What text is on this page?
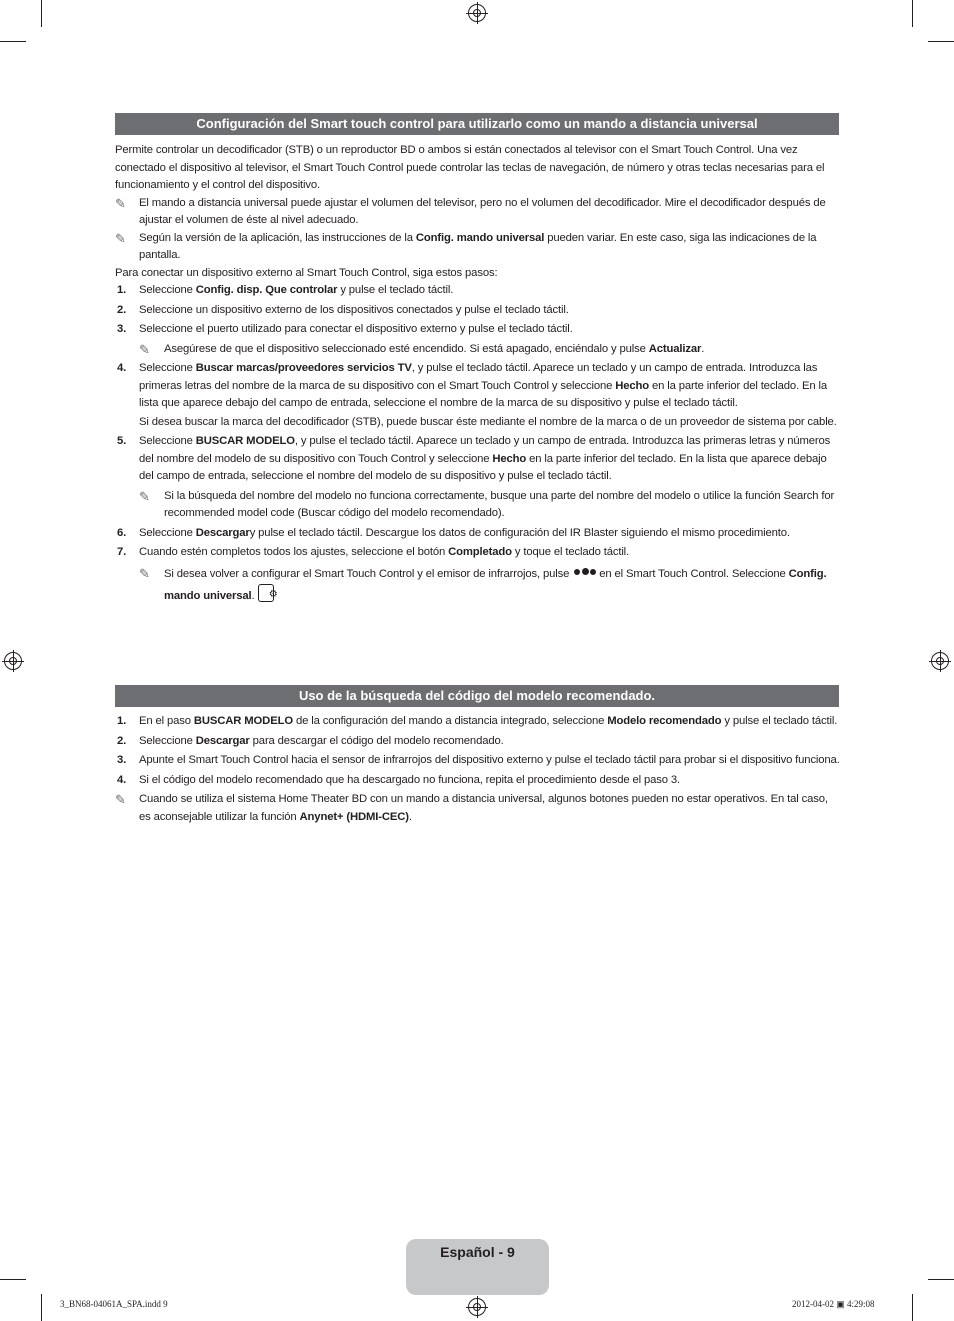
Configuración del Smart touch control para utilizarlo como un mando a distancia universal

Permite controlar un decodificador (STB) o un reproductor BD o ambos si están conectados al televisor con el Smart Touch Control. Una vez conectado el dispositivo al televisor, el Smart Touch Control puede controlar las teclas de navegación, de número y otras teclas necesarias para el funcionamiento y el control del dispositivo.

✎ El mando a distancia universal puede ajustar el volumen del televisor, pero no el volumen del decodificador. Mire el decodificador después de ajustar el volumen de éste al nivel adecuado.

✎ Según la versión de la aplicación, las instrucciones de la Config. mando universal pueden variar. En este caso, siga las indicaciones de la pantalla.

Para conectar un dispositivo externo al Smart Touch Control, siga estos pasos:

1. Seleccione Config. disp. Que controlar y pulse el teclado táctil.

2. Seleccione un dispositivo externo de los dispositivos conectados y pulse el teclado táctil.

3. Seleccione el puerto utilizado para conectar el dispositivo externo y pulse el teclado táctil.

✎ Asegúrese de que el dispositivo seleccionado esté encendido. Si está apagado, enciéndalo y pulse Actualizar.

4. Seleccione Buscar marcas/proveedores servicios TV, y pulse el teclado táctil. Aparece un teclado y un campo de entrada. Introduzca las primeras letras del nombre de la marca de su dispositivo con el Smart Touch Control y seleccione Hecho en la parte inferior del teclado. En la lista que aparece debajo del campo de entrada, seleccione el nombre de la marca de su dispositivo y pulse el teclado táctil.

Si desea buscar la marca del decodificador (STB), puede buscar éste mediante el nombre de la marca o de un proveedor de sistema por cable.

5. Seleccione BUSCAR MODELO, y pulse el teclado táctil. Aparece un teclado y un campo de entrada. Introduzca las primeras letras y números del nombre del modelo de su dispositivo con Touch Control y seleccione Hecho en la parte inferior del teclado. En la lista que aparece debajo del campo de entrada, seleccione el nombre del modelo de su dispositivo y pulse el teclado táctil.

✎ Si la búsqueda del nombre del modelo no funciona correctamente, busque una parte del nombre del modelo o utilice la función Search for recommended model code (Buscar código del modelo recomendado).

6. Seleccione Descargary pulse el teclado táctil. Descargue los datos de configuración del IR Blaster siguiendo el mismo procedimiento.

7. Cuando estén completos todos los ajustes, seleccione el botón Completado y toque el teclado táctil.

✎ Si desea volver a configurar el Smart Touch Control y el emisor de infrarrojos, pulse
en el Smart Touch Control. Seleccione Config. mando universal. ⚙

Uso de la búsqueda del código del modelo recomendado.

1. En el paso BUSCAR MODELO de la configuración del mando a distancia integrado, seleccione Modelo recomendado y pulse el teclado táctil.

2. Seleccione Descargar para descargar el código del modelo recomendado.

3. Apunte el Smart Touch Control hacia el sensor de infrarrojos del dispositivo externo y pulse el teclado táctil para probar si el dispositivo funciona.

4. Si el código del modelo recomendado que ha descargado no funciona, repita el procedimiento desde el paso 3.

✎ Cuando se utiliza el sistema Home Theater BD con un mando a distancia universal, algunos botones pueden no estar operativos. En tal caso, es aconsejable utilizar la función Anynet+ (HDMI-CEC).

Español - 9
3_BN68-04061A_SPA.indd 9	2012-04-02 ▣ 4:29:08
